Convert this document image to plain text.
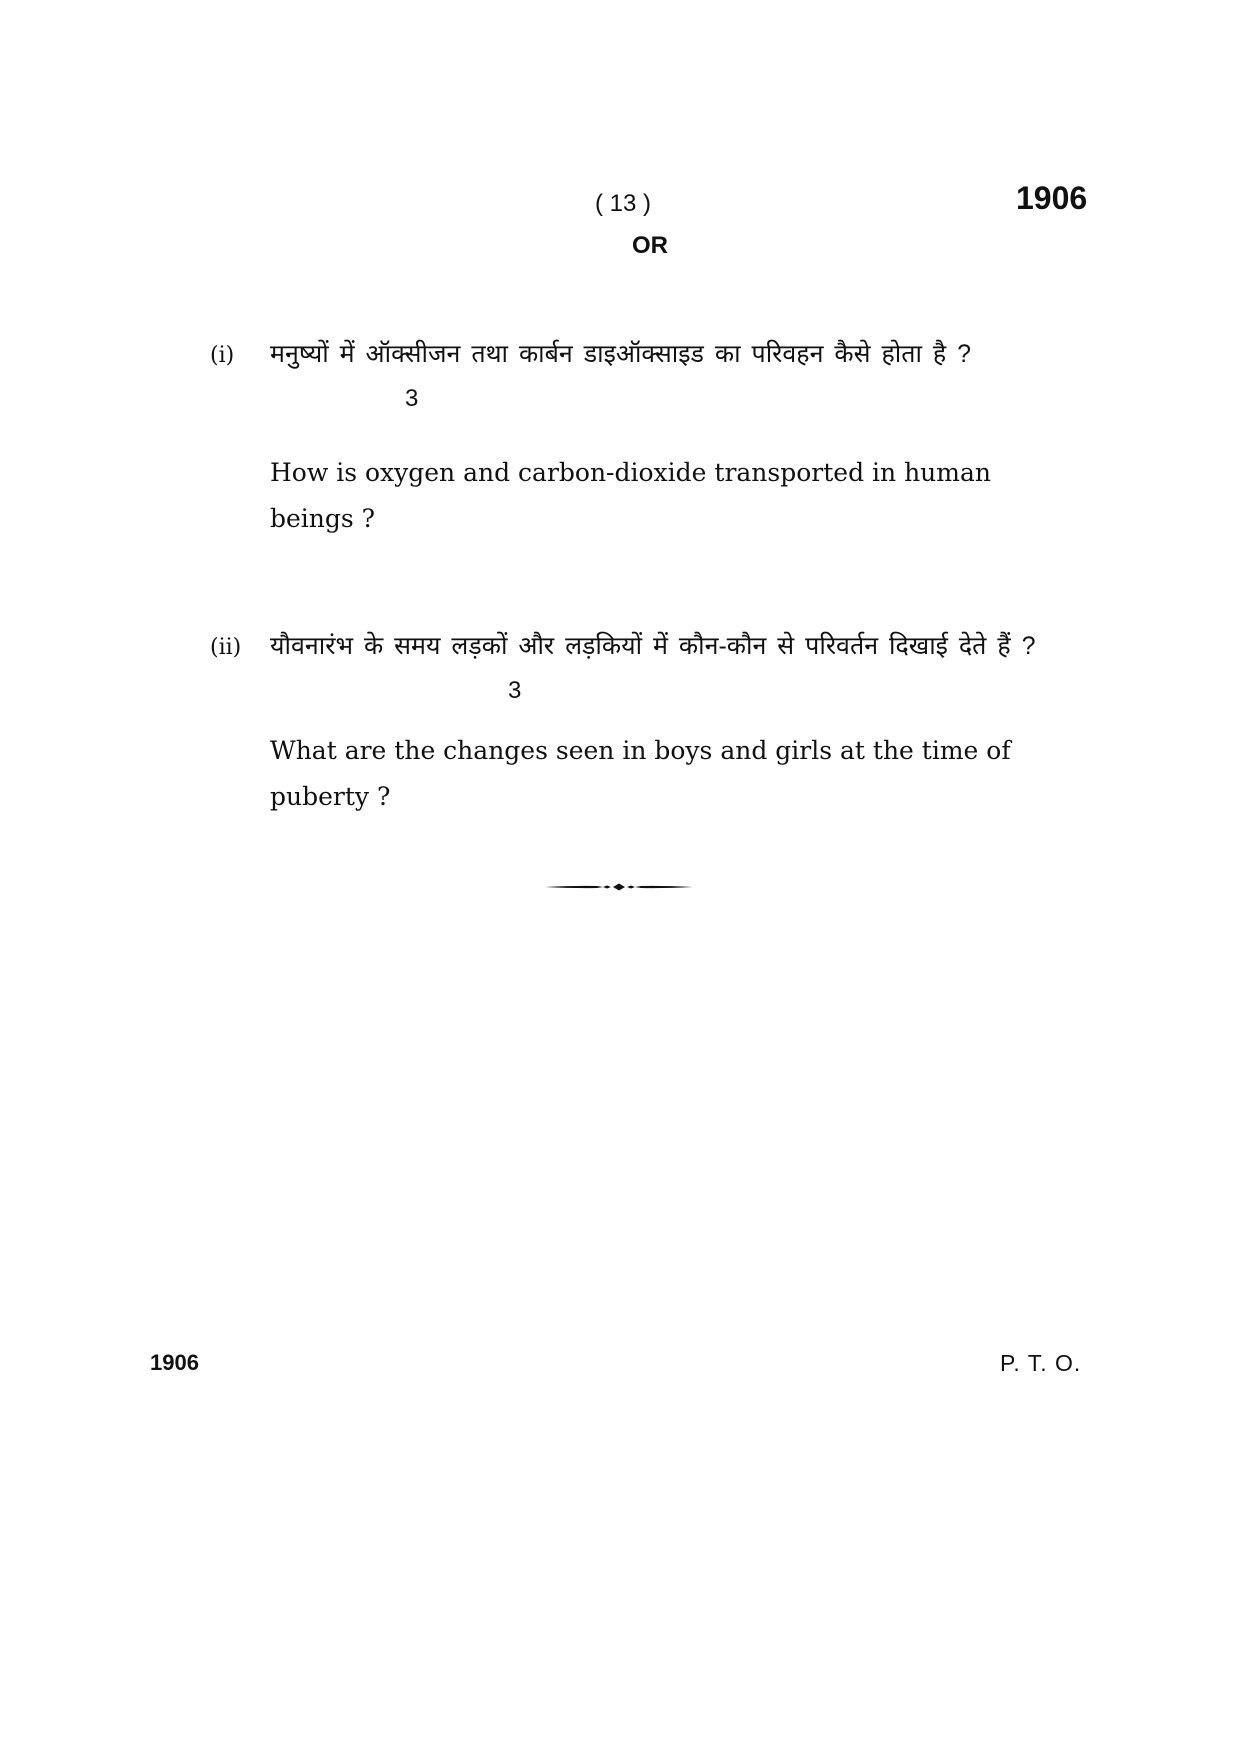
( 13 )	1906
OR
(i) मनुष्यों में ऑक्सीजन तथा कार्बन डाइऑक्साइड का परिवहन कैसे होता है ?
3
How is oxygen and carbon-dioxide transported in human beings ?
(ii) यौवनारंभ के समय लड़कों और लड़कियों में कौन-कौन से परिवर्तन दिखाई देते हैं ?
3
What are the changes seen in boys and girls at the time of puberty ?
1906	P. T. O.
